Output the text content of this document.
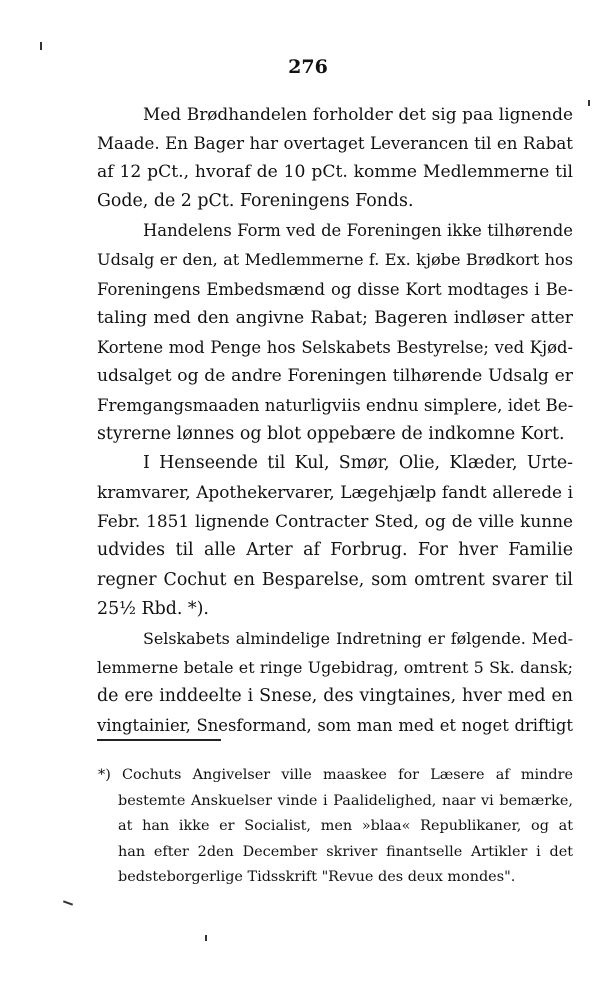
276
Med Brødhandelen forholder det sig paa lignende
Maade. En Bager har overtaget Leverancen til en Rabat
af 12 pCt., hvoraf de 10 pCt. komme Medlemmerne til
Gode, de 2 pCt. Foreningens Fonds.
Handelens Form ved de Foreningen ikke tilhørende
Udsalg er den, at Medlemmerne f. Ex. kjøbe Brødkort hos
Foreningens Embedsmænd og disse Kort modtages i Be-
taling med den angivne Rabat; Bageren indløser atter
Kortene mod Penge hos Selskabets Bestyrelse; ved Kjød-
udsalget og de andre Foreningen tilhørende Udsalg er
Fremgangsmaaden naturligviis endnu simplere, idet Be-
styrerne lønnes og blot oppebære de indkomne Kort.
I Henseende til Kul, Smør, Olie, Klæder, Urte-
kramvarer, Apothekervarer, Lægehjælp fandt allerede i
Febr. 1851 lignende Contracter Sted, og de ville kunne
udvides til alle Arter af Forbrug. For hver Familie
regner Cochut en Besparelse, som omtrent svarer til
25½ Rbd. *).
Selskabets almindelige Indretning er følgende. Med-
lemmerne betale et ringe Ugebidrag, omtrent 5 Sk. dansk;
de ere inddeelte i Snese, des vingtaines, hver med en
vingtainier, Snesformand, som man med et noget driftigt
*) Cochuts Angivelser ville maaskee for Læsere af mindre
bestemte Anskuelser vinde i Paalidelighed, naar vi bemærke,
at han ikke er Socialist, men »blaa« Republikaner, og at
han efter 2den December skriver finantselle Artikler i det
bedsteborgerlige Tidsskrift "Revue des deux mondes".
